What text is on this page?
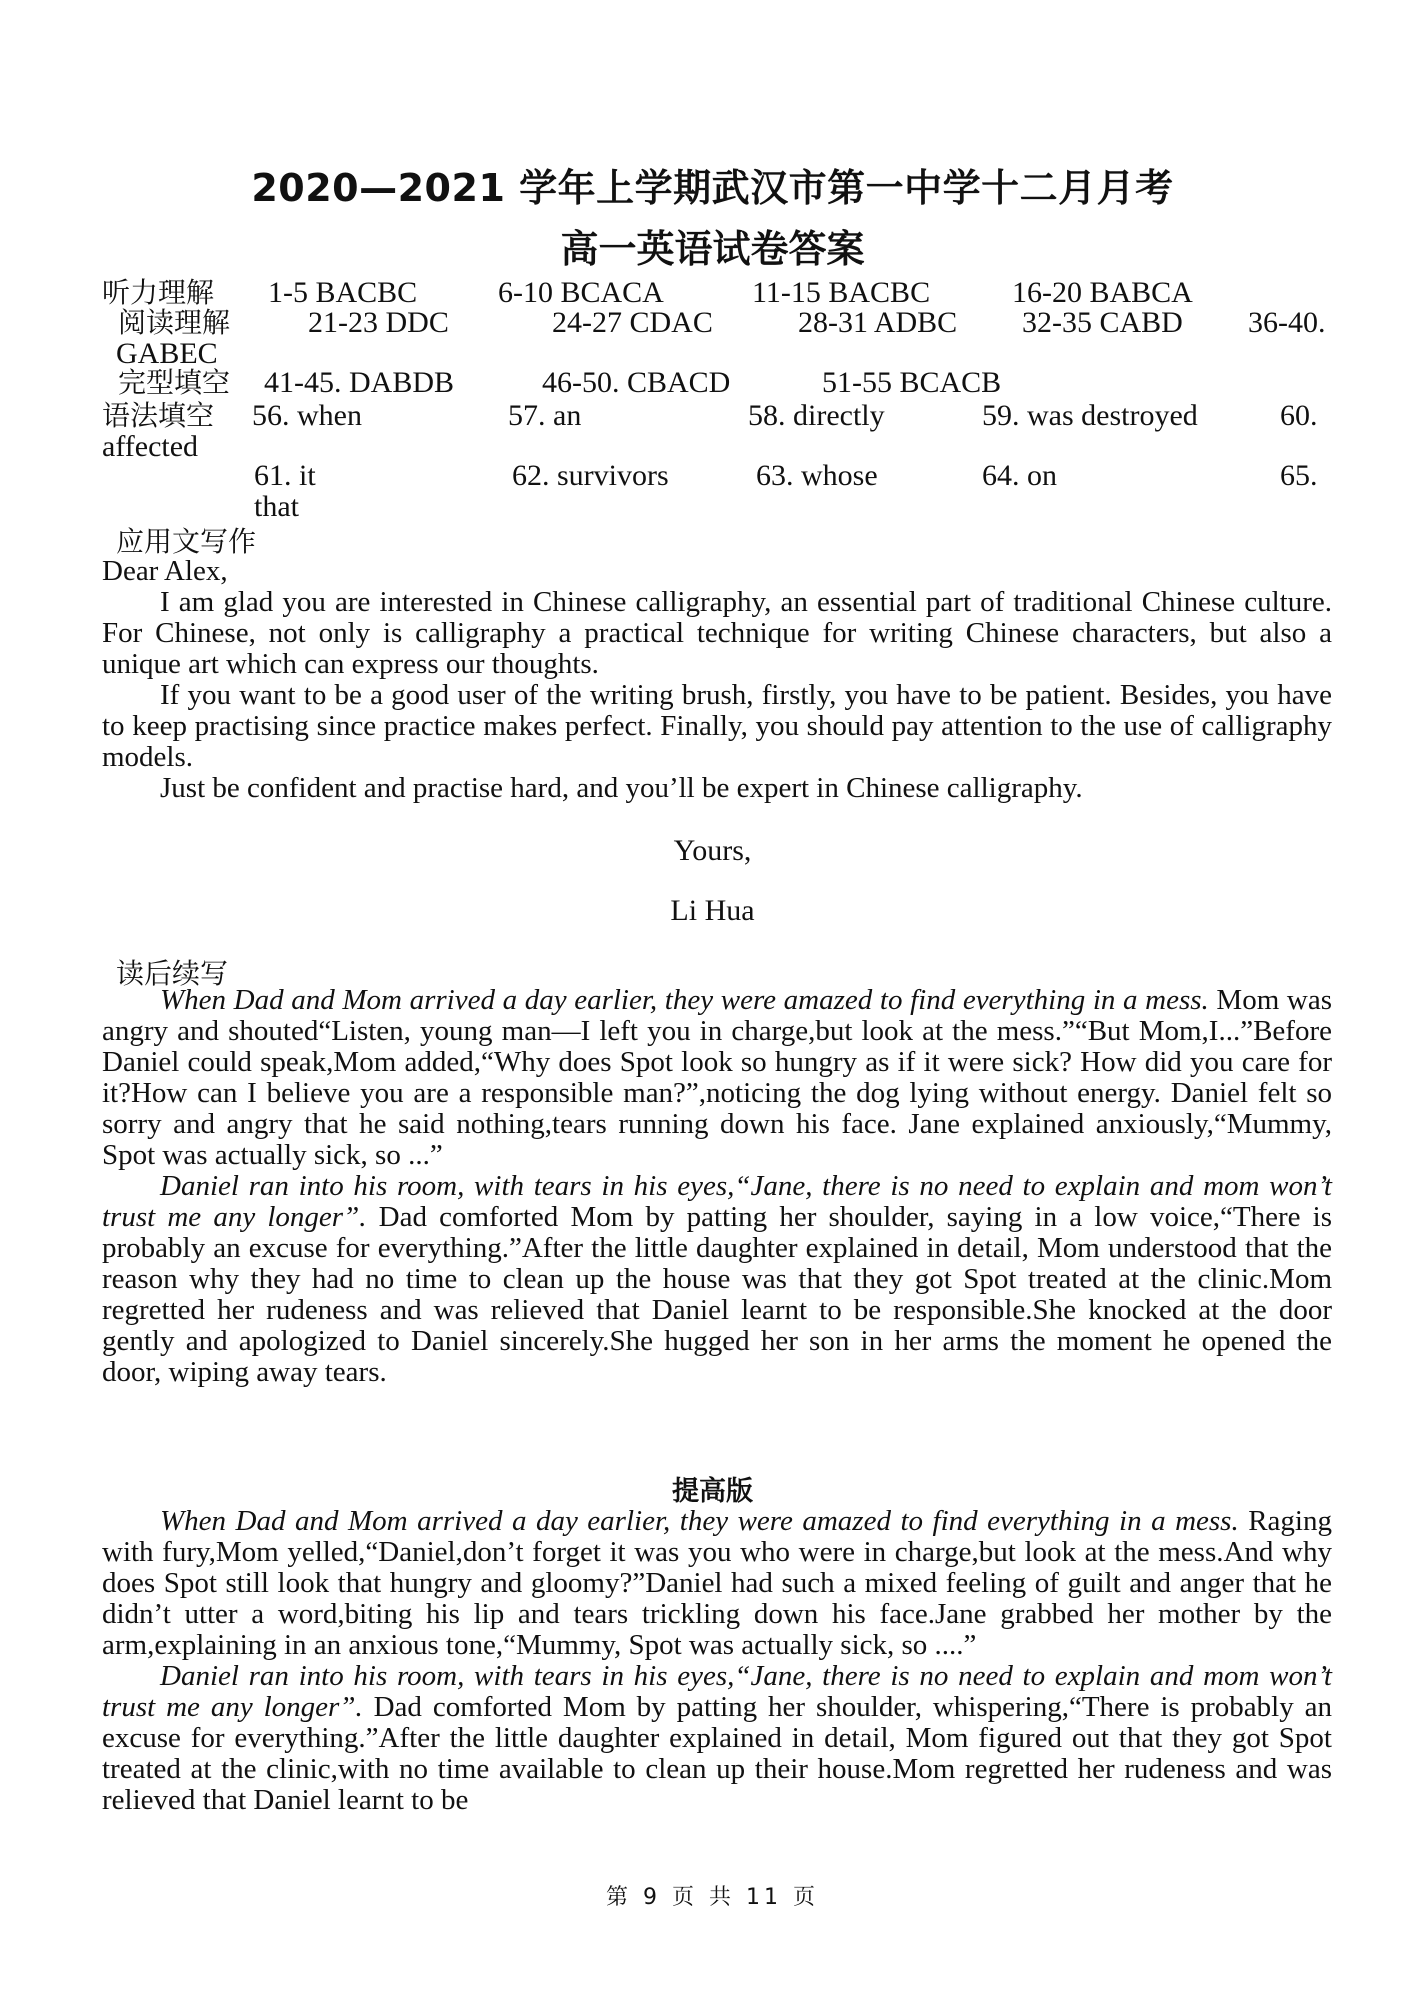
2020—2021 学年上学期武汉市第一中学十二月月考
高一英语试卷答案
听力理解 1-5 BACBC	6-10 BCACA	11-15 BACBC	16-20 BABCA
阅读理解	21-23 DDC	24-27 CDAC	28-31 ADBC 32-35 CABD 36-40.
GABEC
完型填空 41-45. DABDB	46-50. CBACD	51-55 BCACB
语法填空 56. when	57. an	58. directly	59. was destroyed	60.
affected
61. it	62. survivors	63. whose	64. on	65.
that
应用文写作

Dear Alex,

I am glad you are interested in Chinese calligraphy, an essential part of traditional Chinese culture. For Chinese, not only is calligraphy a practical technique for writing Chinese characters, but also a unique art which can express our thoughts.

If you want to be a good user of the writing brush, firstly, you have to be patient. Besides, you have to keep practising since practice makes perfect. Finally, you should pay attention to the use of calligraphy models.

Just be confident and practise hard, and you’ll be expert in Chinese calligraphy.

Yours,
Li Hua
读后续写

When Dad and Mom arrived a day earlier, they were amazed to find everything in a mess. Mom was angry and shouted“Listen, young man—I left you in charge,but look at the mess.”“But Mom,I...”Before Daniel could speak,Mom added,“Why does Spot look so hungry as if it were sick? How did you care for it?How can I believe you are a responsible man?”,noticing the dog lying without energy. Daniel felt so sorry and angry that he said nothing,tears running down his face. Jane explained anxiously,“Mummy, Spot was actually sick, so ...”

Daniel ran into his room, with tears in his eyes,“Jane, there is no need to explain and mom won’t trust me any longer”. Dad comforted Mom by patting her shoulder, saying in a low voice,“There is probably an excuse for everything.”After the little daughter explained in detail, Mom understood that the reason why they had no time to clean up the house was that they got Spot treated at the clinic.Mom regretted her rudeness and was relieved that Daniel learnt to be responsible.She knocked at the door gently and apologized to Daniel sincerely.She hugged her son in her arms the moment he opened the door, wiping away tears.

提高版

When Dad and Mom arrived a day earlier, they were amazed to find everything in a mess. Raging with fury,Mom yelled,“Daniel,don’t forget it was you who were in charge,but look at the mess.And why does Spot still look that hungry and gloomy?”Daniel had such a mixed feeling of guilt and anger that he didn’t utter a word,biting his lip and tears trickling down his face.Jane grabbed her mother by the arm,explaining in an anxious tone,“Mummy, Spot was actually sick, so ....”

Daniel ran into his room, with tears in his eyes,“Jane, there is no need to explain and mom won’t trust me any longer”. Dad comforted Mom by patting her shoulder, whispering,“There is probably an excuse for everything.”After the little daughter explained in detail, Mom figured out that they got Spot treated at the clinic,with no time available to clean up their house.Mom regretted her rudeness and was relieved that Daniel learnt to be

第 9 页 共 11 页
